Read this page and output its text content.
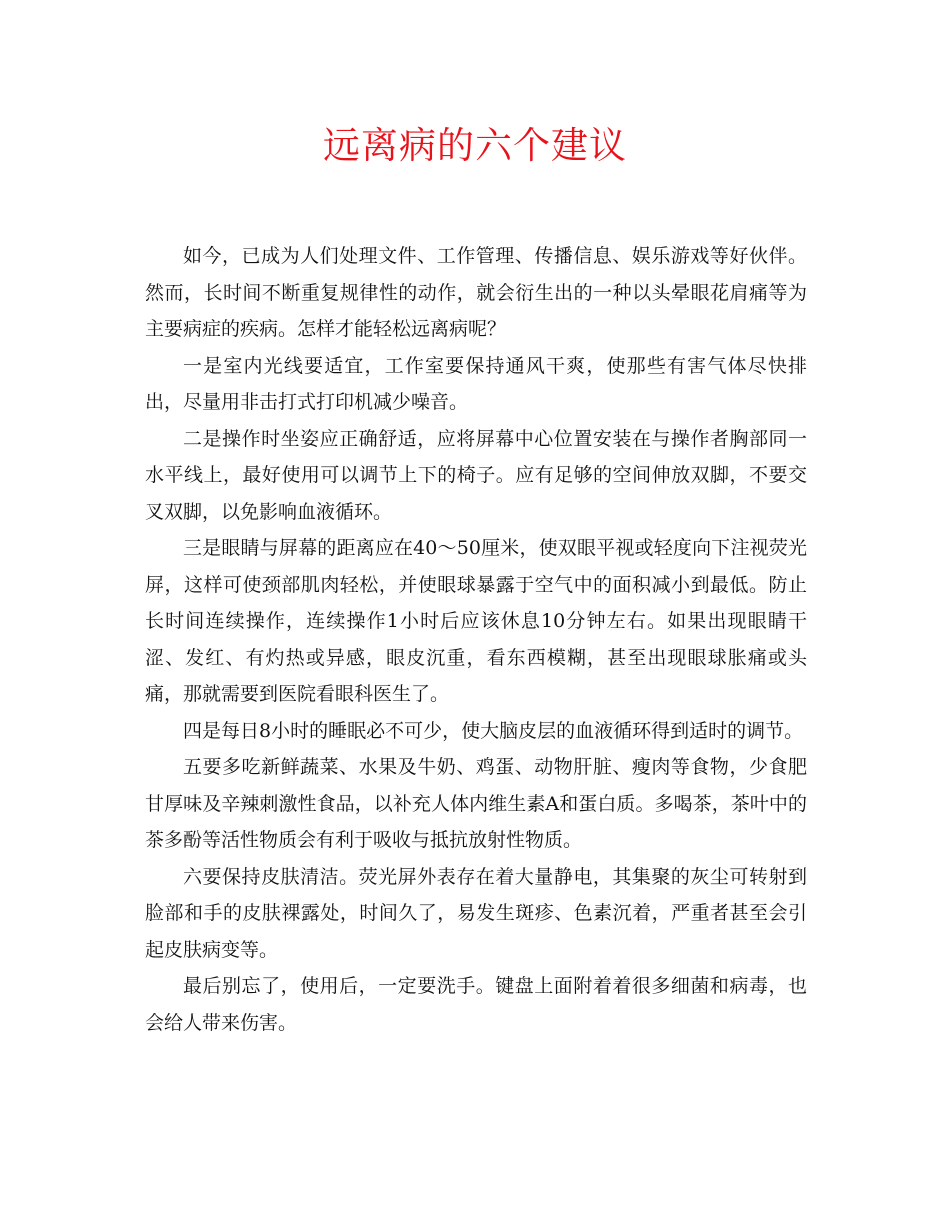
远离病的六个建议

如今，已成为人们处理文件、工作管理、传播信息、娱乐游戏等好伙伴。然而，长时间不断重复规律性的动作，就会衍生出的一种以头晕眼花肩痛等为主要病症的疾病。怎样才能轻松远离病呢？

一是室内光线要适宜，工作室要保持通风干爽，使那些有害气体尽快排出，尽量用非击打式打印机减少噪音。

二是操作时坐姿应正确舒适，应将屏幕中心位置安装在与操作者胸部同一水平线上，最好使用可以调节上下的椅子。应有足够的空间伸放双脚，不要交叉双脚，以免影响血液循环。

三是眼睛与屏幕的距离应在40～50厘米，使双眼平视或轻度向下注视荧光屏，这样可使颈部肌肉轻松，并使眼球暴露于空气中的面积减小到最低。防止长时间连续操作，连续操作1小时后应该休息10分钟左右。如果出现眼睛干涩、发红、有灼热或异感，眼皮沉重，看东西模糊，甚至出现眼球胀痛或头痛，那就需要到医院看眼科医生了。

四是每日8小时的睡眠必不可少，使大脑皮层的血液循环得到适时的调节。

五要多吃新鲜蔬菜、水果及牛奶、鸡蛋、动物肝脏、瘦肉等食物，少食肥甘厚味及辛辣刺激性食品，以补充人体内维生素A和蛋白质。多喝茶，茶叶中的茶多酚等活性物质会有利于吸收与抵抗放射性物质。

六要保持皮肤清洁。荧光屏外表存在着大量静电，其集聚的灰尘可转射到脸部和手的皮肤裸露处，时间久了，易发生斑疹、色素沉着，严重者甚至会引起皮肤病变等。

最后别忘了，使用后，一定要洗手。键盘上面附着着很多细菌和病毒，也会给人带来伤害。
